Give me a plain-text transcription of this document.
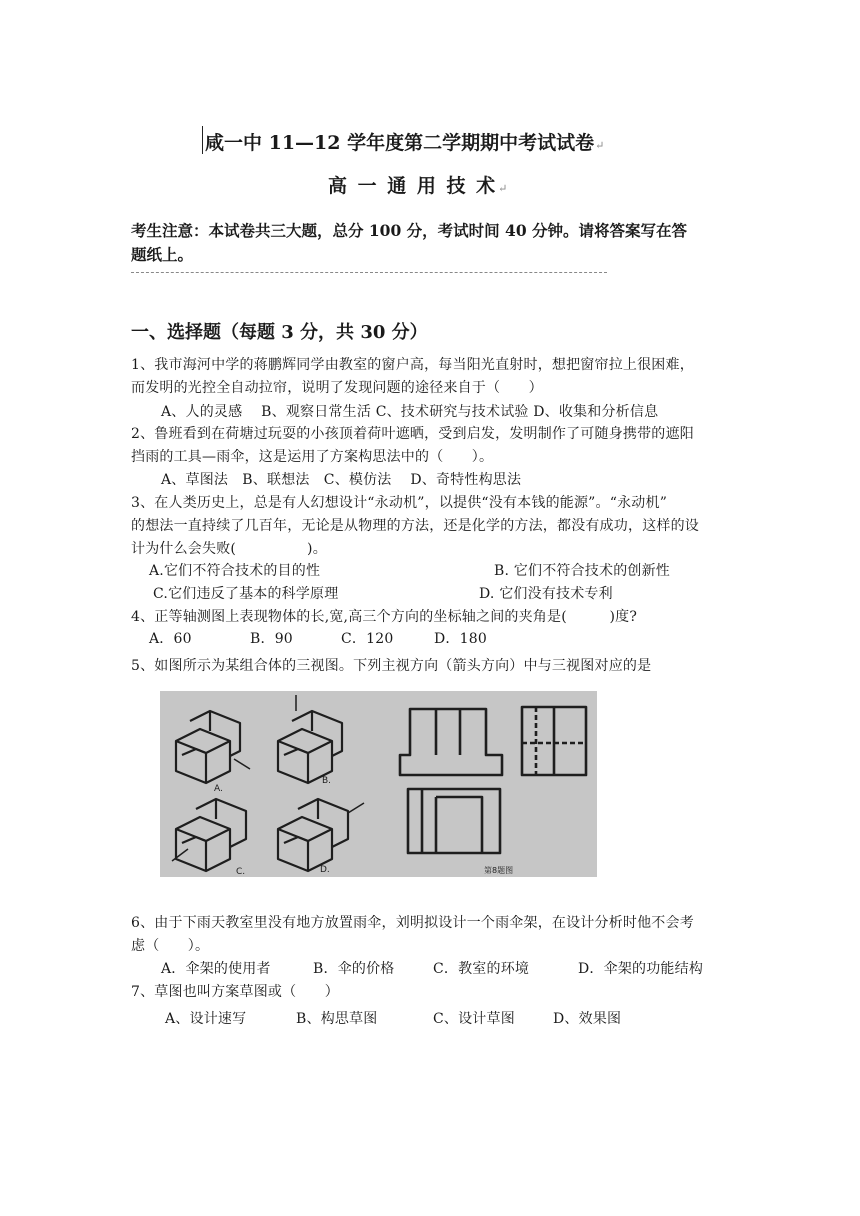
咸一中 11—12 学年度第二学期期中考试试卷↵
高 一 通 用 技 术↵
考生注意：本试卷共三大题，总分 100 分，考试时间 40 分钟。请将答案写在答
题纸上。
一、选择题（每题 3 分，共 30 分）
1、我市海河中学的蒋鹏辉同学由教室的窗户高，每当阳光直射时，想把窗帘拉上很困难，
而发明的光控全自动拉帘，说明了发现问题的途径来自于（　　）
A、人的灵感　 B、观察日常生活 C、技术研究与技术试验 D、收集和分析信息
2、鲁班看到在荷塘过玩耍的小孩顶着荷叶遮晒，受到启发，发明制作了可随身携带的遮阳
挡雨的工具—雨伞，这是运用了方案构思法中的（　　）。
A、草图法　B、联想法　C、模仿法　 D、奇特性构思法
3、在人类历史上，总是有人幻想设计“永动机”，以提供“没有本钱的能源”。“永动机”
的想法一直持续了几百年，无论是从物理的方法，还是化学的方法，都没有成功，这样的设
计为什么会失败(　　　　　)。
A.它们不符合技术的目的性	B. 它们不符合技术的创新性
C.它们违反了基本的科学原理	D. 它们没有技术专利
4、正等轴测图上表现物体的长,宽,高三个方向的坐标轴之间的夹角是(　　　)度?
A．60	B．90	C．120	D．180
5、如图所示为某组合体的三视图。下列主视方向（箭头方向）中与三视图对应的是
A.
B.
C.	D.	第8题图
6、由于下雨天教室里没有地方放置雨伞，刘明拟设计一个雨伞架，在设计分析时他不会考
虑（　　）。
A．伞架的使用者	B．伞的价格	C．教室的环境	D．伞架的功能结构
7、草图也叫方案草图或（　　）
A、设计速写	B、构思草图	C、设计草图	D、效果图
